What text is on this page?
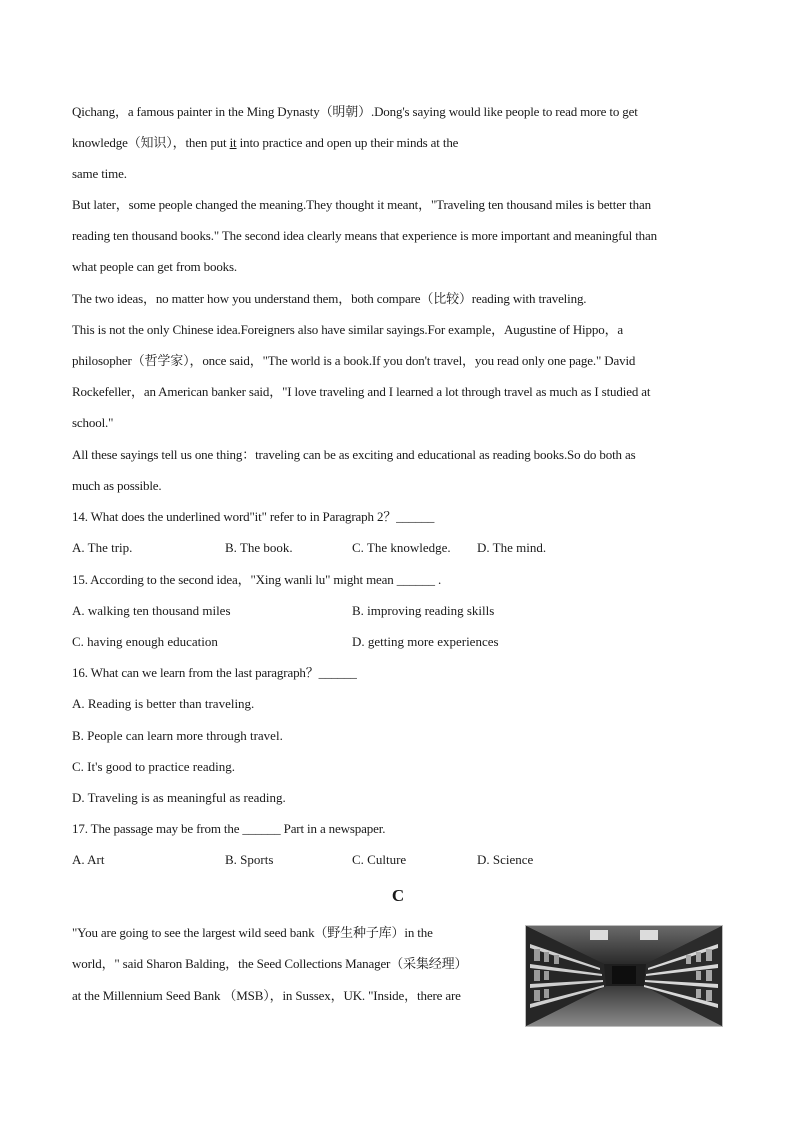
Qichang，a famous painter in the Ming Dynasty（明朝）.Dong's saying would like people to read more to get
knowledge（知识），then put it into practice and open up their minds at the
same time.
But later，some people changed the meaning.They thought it meant，"Traveling ten thousand miles is better than
reading ten thousand books." The second idea clearly means that experience is more important and meaningful than
what people can get from books.
The two ideas，no matter how you understand them，both compare（比较）reading with traveling.
This is not the only Chinese idea.Foreigners also have similar sayings.For example，Augustine of Hippo，a
philosopher（哲学家），once said，"The world is a book.If you don't travel，you read only one page." David
Rockefeller，an American banker said，"I love traveling and I learned a lot through travel as much as I studied at
school."
All these sayings tell us one thing：traveling can be as exciting and educational as reading books.So do both as
much as possible.
14. What does the underlined word"it" refer to in Paragraph 2？______
A. The trip.	B. The book.	C. The knowledge. D. The mind.
15. According to the second idea，"Xing wanli lu" might mean ______ .
A. walking ten thousand miles	B. improving reading skills
C. having enough education	D. getting more experiences
16. What can we learn from the last paragraph？______
A. Reading is better than traveling.
B. People can learn more through travel.
C. It's good to practice reading.
D. Traveling is as meaningful as reading.
17. The passage may be from the ______ Part in a newspaper.
A. Art	B. Sports	C. Culture	D. Science
C
"You are going to see the largest wild seed bank（野生种子库）in the
world，" said Sharon Balding，the Seed Collections Manager（采集经理）
at the Millennium Seed Bank （MSB），in Sussex，UK. "Inside，there are
